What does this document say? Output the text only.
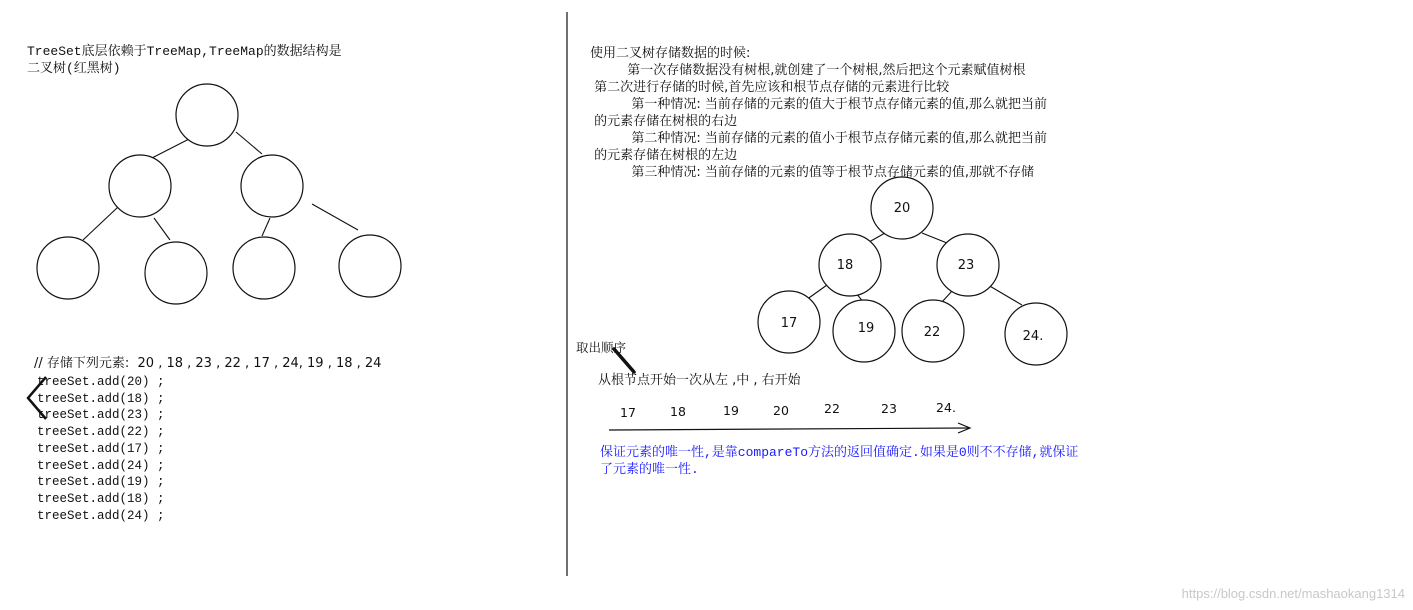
TreeSet底层依赖于TreeMap,TreeMap的数据结构是
二叉树(红黑树)
20
18	23
17	19	22	24.
17	18	19	20	22	23	24.
// 存储下列元素:  20 , 18 , 23 , 22 , 17 , 24, 19 , 18 , 24
treeSet.add(20) ;
treeSet.add(18) ;
treeSet.add(23) ;
treeSet.add(22) ;
treeSet.add(17) ;
treeSet.add(24) ;
treeSet.add(19) ;
treeSet.add(18) ;
treeSet.add(24) ;
使用二叉树存储数据的时候:
第一次存储数据没有树根,就创建了一个树根,然后把这个元素赋值树根
第二次进行存储的时候,首先应该和根节点存储的元素进行比较
第一种情况: 当前存储的元素的值大于根节点存储元素的值,那么就把当前
的元素存储在树根的右边
第二种情况: 当前存储的元素的值小于根节点存储元素的值,那么就把当前
的元素存储在树根的左边
第三种情况: 当前存储的元素的值等于根节点存储元素的值,那就不存储
取出顺序
从根节点开始一次从左 ,中 , 右开始
保证元素的唯一性,是靠compareTo方法的返回值确定.如果是0则不不存储,就保证
了元素的唯一性.
https://blog.csdn.net/mashaokang1314
